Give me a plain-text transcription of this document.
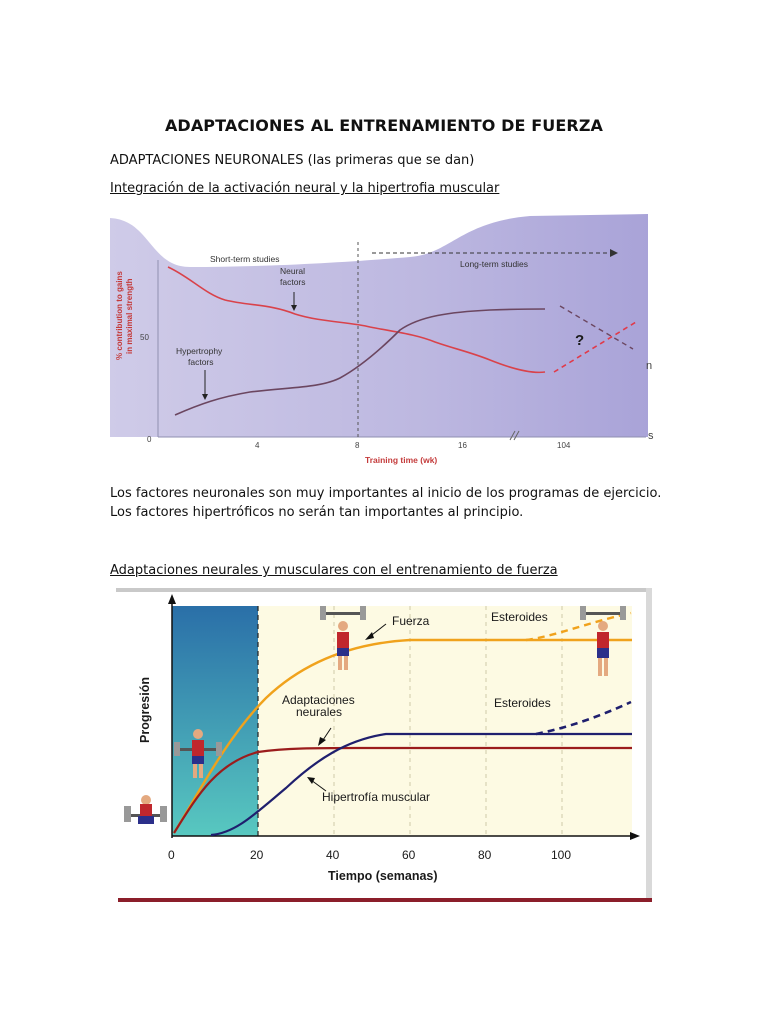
ADAPTACIONES AL ENTRENAMIENTO DE FUERZA
ADAPTACIONES NEURONALES (las primeras que se dan)
Integración de la activación neural y la hipertrofia muscular
Short-term studies	Long-term studies
Neural
factors
Hypertrophy
factors
?
50
0
4	8	16	104
Training time (wk)
% contribution to gains in maximal strength
n
s
Los factores neuronales son muy importantes al inicio de los programas de ejercicio.
Los factores hipertróficos no serán tan importantes al principio.
Adaptaciones neurales y musculares con el entrenamiento de fuerza
Fuerza	Esteroides
Adaptaciones
neurales
Esteroides
Hipertrofía muscular
0	20	40	60	80	100
Tiempo (semanas)
Progresión
